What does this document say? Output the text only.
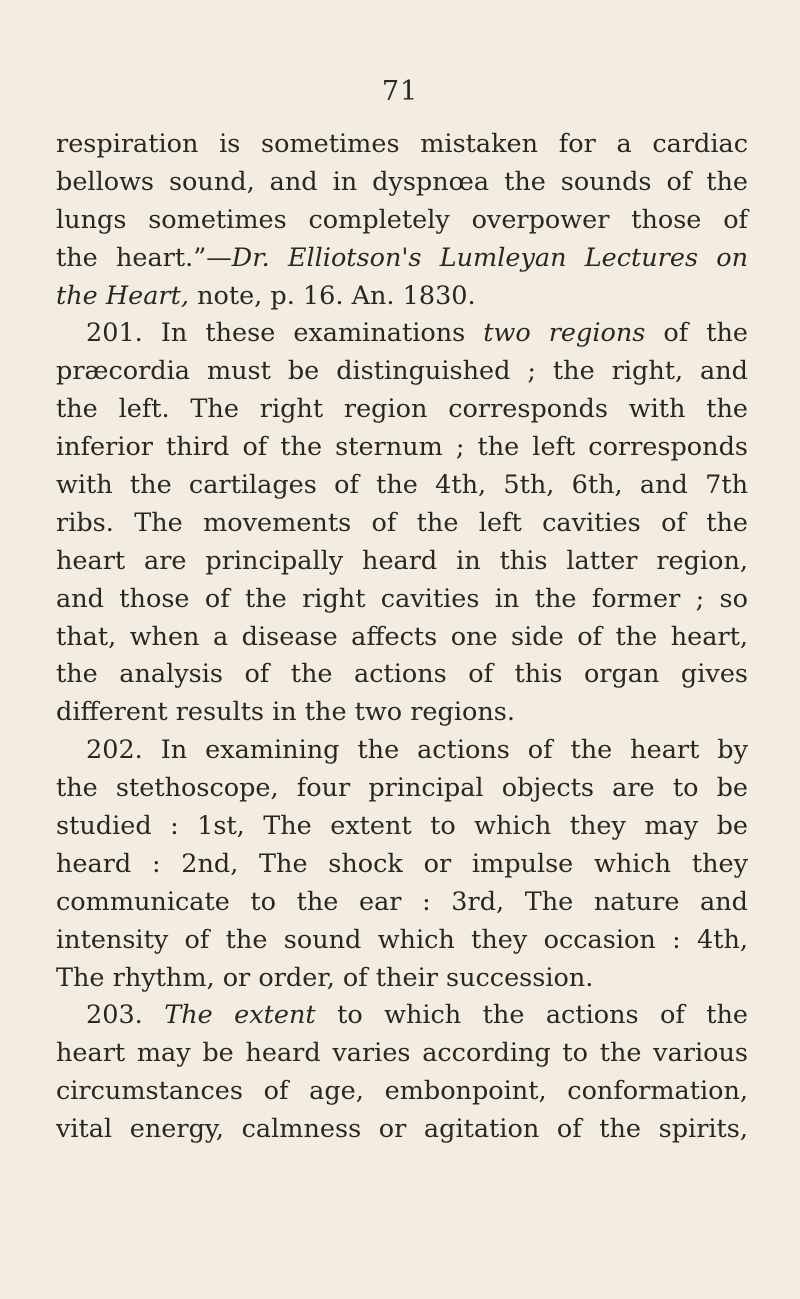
71
respiration is sometimes mistaken for a cardiac
bellows sound, and in dyspnœa the sounds of the
lungs sometimes completely overpower those of
the heart.”—Dr. Elliotson's Lumleyan Lectures on
the Heart, note, p. 16. An. 1830.
201. In these examinations two regions of the
præcordia must be distinguished ; the right, and
the left. The right region corresponds with the
inferior third of the sternum ; the left corresponds
with the cartilages of the 4th, 5th, 6th, and 7th
ribs. The movements of the left cavities of the
heart are principally heard in this latter region,
and those of the right cavities in the former ; so
that, when a disease affects one side of the heart,
the analysis of the actions of this organ gives
different results in the two regions.
202. In examining the actions of the heart by
the stethoscope, four principal objects are to be
studied : 1st, The extent to which they may be
heard : 2nd, The shock or impulse which they
communicate to the ear : 3rd, The nature and
intensity of the sound which they occasion : 4th,
The rhythm, or order, of their succession.
203. The extent to which the actions of the
heart may be heard varies according to the various
circumstances of age, embonpoint, conformation,
vital energy, calmness or agitation of the spirits,
